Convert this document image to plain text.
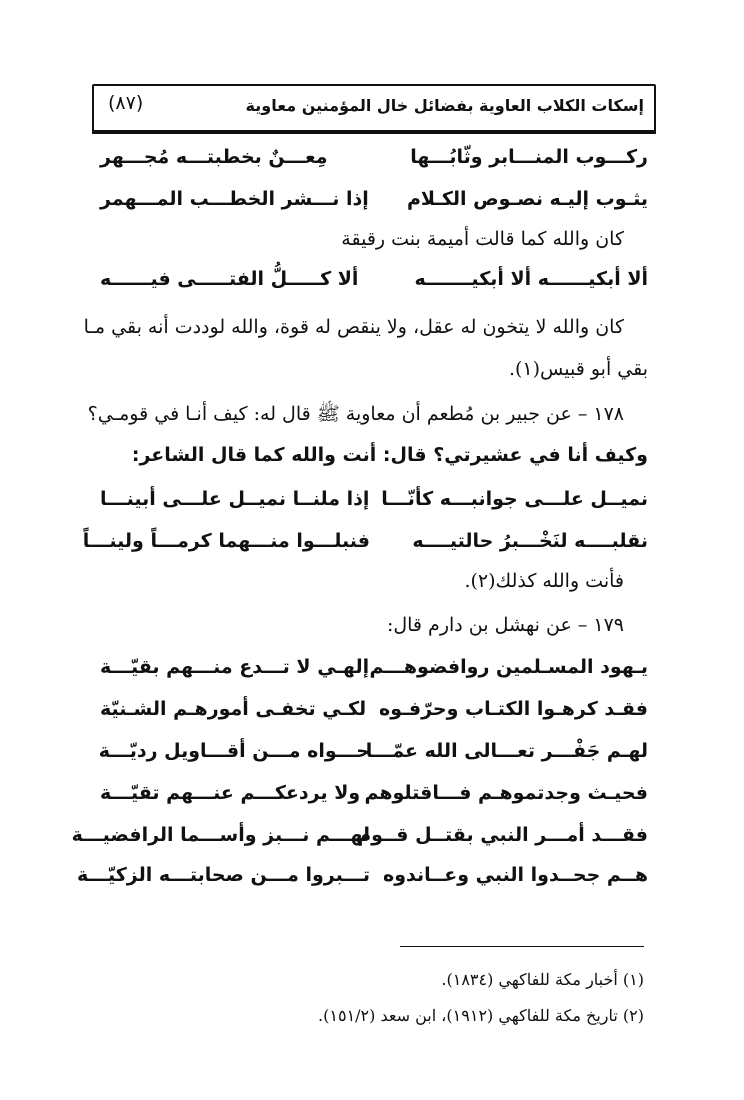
إسكات الكلاب العاوية بفضائل خال المؤمنين معاوية
(٨٧)
ركـــوب المنـــابر وثّابُـــها
مِعـــنٌ بخطبتـــه مُجـــهر
يثـوب إليـه نصـوص الكـلام
إذا نـــشر الخطـــب المـــهمر
كان والله كما قالت أميمة بنت رقيقة
ألا أبكيــــــه ألا أبكيـــــــه
ألا كـــــلُّ الفتـــــى فيــــــه
كان والله لا يتخون له عقل، ولا ينقص له قوة، والله لوددت أنه بقي مـا
بقي أبو قبيس(١).
١٧٨ – عن جبير بن مُطعم أن معاوية ﷺ قال له: كيف أنـا في قومـي؟
وكيف أنا في عشيرتي؟ قال: أنت والله كما قال الشاعر:
نميــل علـــى جوانبـــه كأنّـــا
إذا ملنــا نميــل علـــى أبينـــا
نقلبــــه لنَخْـــبرُ حالتيــــه
فنبلـــوا منـــهما كرمـــاً ولينـــاً
فأنت والله كذلك(٢).
١٧٩ – عن نهشل بن دارم قال:
يـهود المسـلمين روافضوهـــم
إلهـي لا تـــدع منـــهم بقيّـــة
فقـد كرهـوا الكتـاب وحرّفـوه
لكـي تخفـى أمورهـم الشـنيّة
لهـم جَفْـــر تعـــالى الله عمّـــا
حـــواه مـــن أقـــاويل رديّـــة
فحيـث وجدتموهـم فـــاقتلوهم
ولا يردعكـــم عنـــهم تقيّـــة
فقـــد أمـــر النبي بقتــل قــوم
لهـــم نـــبز وأســـما الرافضيـــة
هــم جحــدوا النبي وعــاندوه
تـــبروا مـــن صحابتـــه الزكيّـــة
(١) أخبار مكة للفاكهي (١٨٣٤).
(٢) تاريخ مكة للفاكهي (١٩١٢)، ابن سعد (١٥١/٢).
